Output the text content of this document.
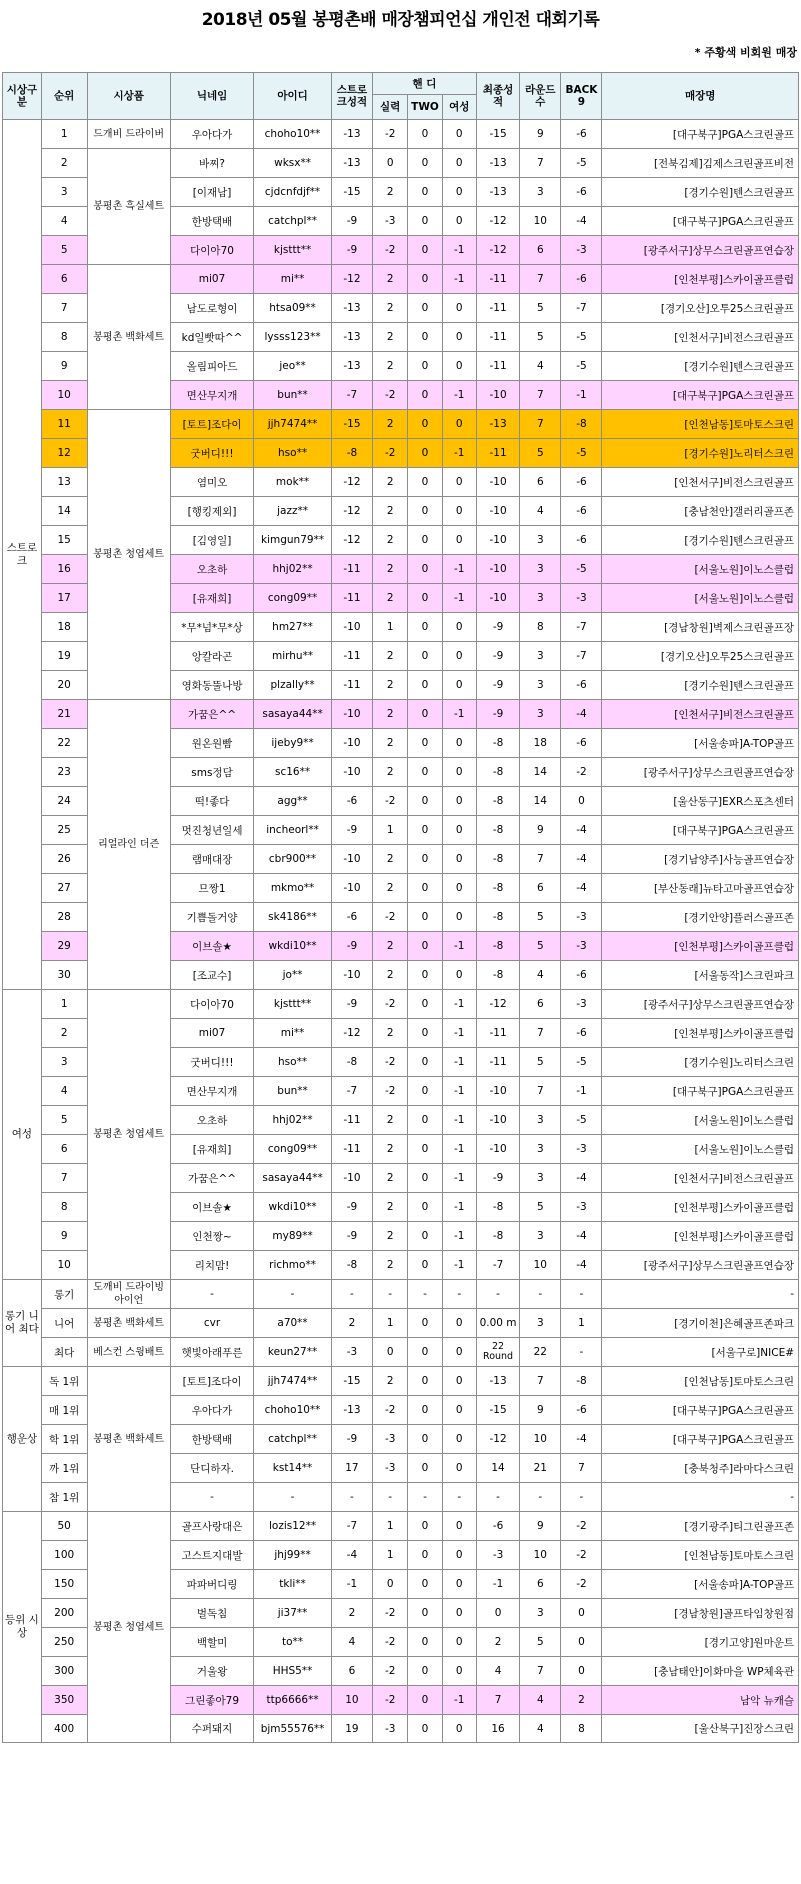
2018년 05월 봉평촌배 매장챔피언십 개인전 대회기록
* 주황색 비회원 매장
시상구분	순위	시상품	닉네임	아이디	스트로크성적	핸 디			최종성적	라운드수	BACK 9	매장명
						실력	TWO	여성				
스트로크	1	드개비 드라이버	우아다가	choho10**	-13	-2	0	0	-15	9	-6	[대구북구]PGA스크린골프
	2	봉평촌 흑실세트	바찌?	wksx**	-13	0	0	0	-13	7	-5	[전북김제]김제스크린골프비전
	3		[이재남]	cjdcnfdjf**	-15	2	0	0	-13	3	-6	[경기수원]텐스크린골프
	4		한방택배	catchpl**	-9	-3	0	0	-12	10	-4	[대구북구]PGA스크린골프
	5		다이아70	kjsttt**	-9	-2	0	-1	-12	6	-3	[광주서구]상무스크린골프연습장
	6	봉평촌 백화세트	mi07	mi**	-12	2	0	-1	-11	7	-6	[인천부평]스카이골프클럽
	7		남도로형이	htsa09**	-13	2	0	0	-11	5	-7	[경기오산]오투25스크린골프
	8		kd일빳따^^	lysss123**	-13	2	0	0	-11	5	-5	[인천서구]비전스크린골프
	9		올림피아드	jeo**	-13	2	0	0	-11	4	-5	[경기수원]텐스크린골프
	10		면산무지개	bun**	-7	-2	0	-1	-10	7	-1	[대구북구]PGA스크린골프
	11	봉평촌 청엽세트	[토트]조다이	jjh7474**	-15	2	0	0	-13	7	-8	[인천남동]토마토스크린
	12		굿버디!!!	hso**	-8	-2	0	-1	-11	5	-5	[경기수원]노리터스크린
	13		염미오	mok**	-12	2	0	0	-10	6	-6	[인천서구]비전스크린골프
	14		[행킹제외]	jazz**	-12	2	0	0	-10	4	-6	[충남천안]갤러리골프존
	15		[김영일]	kimgun79**	-12	2	0	0	-10	3	-6	[경기수원]텐스크린골프
	16		오초하	hhj02**	-11	2	0	-1	-10	3	-5	[서울노원]이노스클럽
	17		[유재희]	cong09**	-11	2	0	-1	-10	3	-3	[서울노원]이노스클럽
	18		*무*넘*무*상	hm27**	-10	1	0	0	-9	8	-7	[경남창원]벽제스크린골프장
	19		앙칼라곤	mirhu**	-11	2	0	0	-9	3	-7	[경기오산]오투25스크린골프
	20		영화동뚤나방	plzally**	-11	2	0	0	-9	3	-6	[경기수원]텐스크린골프
	21	리얼라인 더즌	가꿈은^^	sasaya44**	-10	2	0	-1	-9	3	-4	[인천서구]비전스크린골프
	22		원온원빰	ijeby9**	-10	2	0	0	-8	18	-6	[서울송파]A-TOP골프
	23		sms정담	sc16**	-10	2	0	0	-8	14	-2	[광주서구]상무스크린골프연습장
	24		떡!좋다	agg**	-6	-2	0	0	-8	14	0	[울산동구]EXR스포츠센터
	25		멋진청년일세	incheorl**	-9	1	0	0	-8	9	-4	[대구북구]PGA스크린골프
	26		램매대장	cbr900**	-10	2	0	0	-8	7	-4	[경기남양주]사능골프연습장
	27		므짱1	mkmo**	-10	2	0	0	-8	6	-4	[부산동래]뉴타고마골프연습장
	28		기쁨돌거양	sk4186**	-6	-2	0	0	-8	5	-3	[경기안양]플러스골프존
	29		이브솔★	wkdi10**	-9	2	0	-1	-8	5	-3	[인천부평]스카이골프클럽
	30		[조교수]	jo**	-10	2	0	0	-8	4	-6	[서울동작]스크린파크
여성	1	봉평촌 청엽세트	다이아70	kjsttt**	-9	-2	0	-1	-12	6	-3	[광주서구]상무스크린골프연습장
	2		mi07	mi**	-12	2	0	-1	-11	7	-6	[인천부평]스카이골프클럽
	3		굿버디!!!	hso**	-8	-2	0	-1	-11	5	-5	[경기수원]노리터스크린
	4		면산무지개	bun**	-7	-2	0	-1	-10	7	-1	[대구북구]PGA스크린골프
	5		오초하	hhj02**	-11	2	0	-1	-10	3	-5	[서울노원]이노스클럽
	6		[유재희]	cong09**	-11	2	0	-1	-10	3	-3	[서울노원]이노스클럽
	7		가꿈은^^	sasaya44**	-10	2	0	-1	-9	3	-4	[인천서구]비전스크린골프
	8		이브솔★	wkdi10**	-9	2	0	-1	-8	5	-3	[인천부평]스카이골프클럽
	9		인천짱~	my89**	-9	2	0	-1	-8	3	-4	[인천부평]스카이골프클럽
	10		리치맘!	richmo**	-8	2	0	-1	-7	10	-4	[광주서구]상무스크린골프연습장
롱기 니어 최다	롱기	도깨비 드라이빙 아이언	-	-	-	-	-	-	-	-	-	-
	니어	봉평촌 백화세트	cvr	a70**	2	1	0	0	0.00 m	3	1	[경기이천]은혜골프존파크
	최다	베스컨 스윙배트	햇빛아래푸른	keun27**	-3	0	0	0	22 Round	22	-	[서울구로]NICE#
행운상	독 1위	봉평촌 백화세트	[토트]조다이	jjh7474**	-15	2	0	0	-13	7	-8	[인천남동]토마토스크린
	매 1위		우아다가	choho10**	-13	-2	0	0	-15	9	-6	[대구북구]PGA스크린골프
	학 1위		한방택배	catchpl**	-9	-3	0	0	-12	10	-4	[대구북구]PGA스크린골프
	까 1위		단디하자.	kst14**	17	-3	0	0	14	21	7	[충북청주]라마다스크린
	참 1위		-	-	-	-	-	-	-	-	-	-
등위 시상	50	봉평촌 청엽세트	골프사랑대은	lozis12**	-7	1	0	0	-6	9	-2	[경기광주]티그린골프존
	100		고스트지대발	jhj99**	-4	1	0	0	-3	10	-2	[인천남동]토마토스크린
	150		파파버디링	tkli**	-1	0	0	0	-1	6	-2	[서울송파]A-TOP골프
	200		벌독침	ji37**	2	-2	0	0	0	3	0	[경남창원]골프타임창원점
	250		백할미	to**	4	-2	0	0	2	5	0	[경기고양]원마운트
	300		거울왕	HHS5**	6	-2	0	0	4	7	0	[충남태안]이화마을 WP체육관
	350		그린좋아79	ttp6666**	10	-2	0	-1	7	4	2	남악 뉴캐슬
	400		수퍼돼지	bjm55576**	19	-3	0	0	16	4	8	[울산북구]진장스크린
